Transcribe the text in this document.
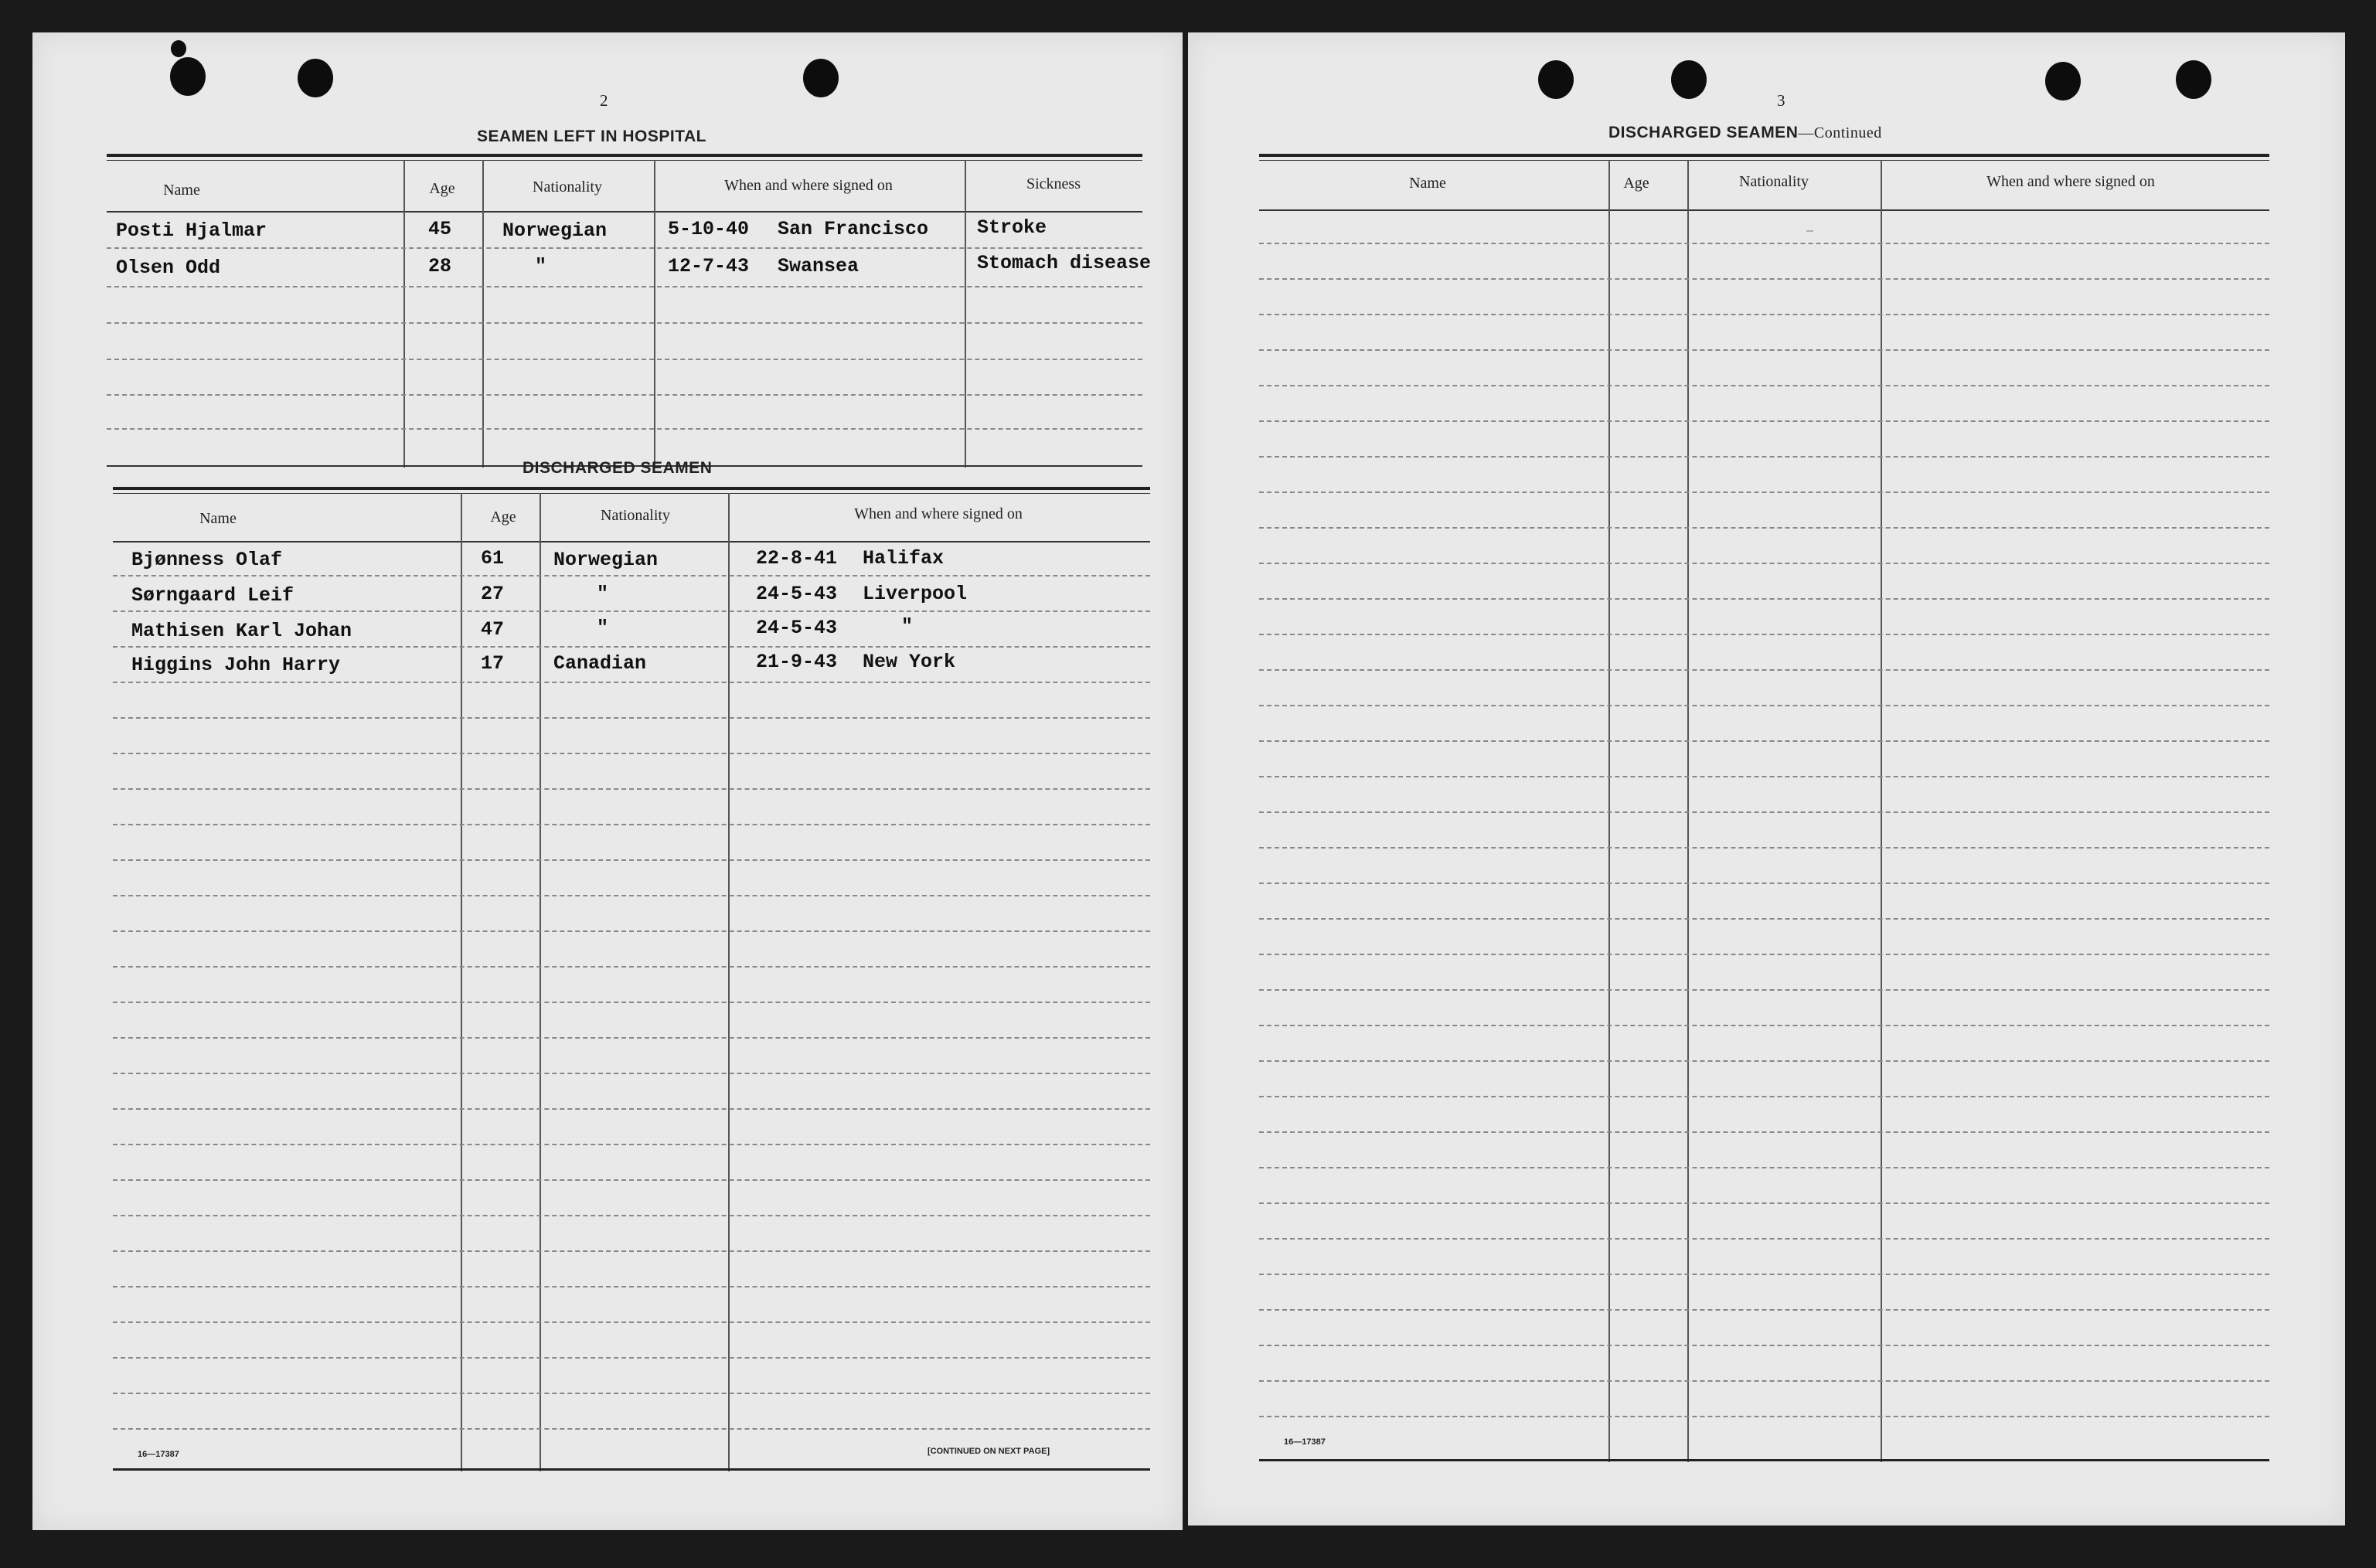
2
SEAMEN LEFT IN HOSPITAL
Name	Age	Nationality	When and where signed on	Sickness
Posti Hjalmar	45	Norwegian	5-10-40 San Francisco	Stroke
Olsen Odd	28	"	12-7-43 Swansea	Stomach disease
DISCHARGED SEAMEN
Name	Age	Nationality	When and where signed on
Bjønness Olaf	61	Norwegian	22-8-41 Halifax
Sørngaard Leif	27	"	24-5-43 Liverpool
Mathisen Karl Johan	47	"	24-5-43	"
Higgins John Harry	17	Canadian	21-9-43 New York
16—17387	[CONTINUED ON NEXT PAGE]
3
DISCHARGED SEAMEN—Continued
Name	Age	Nationality	When and where signed on
—
16—17387
